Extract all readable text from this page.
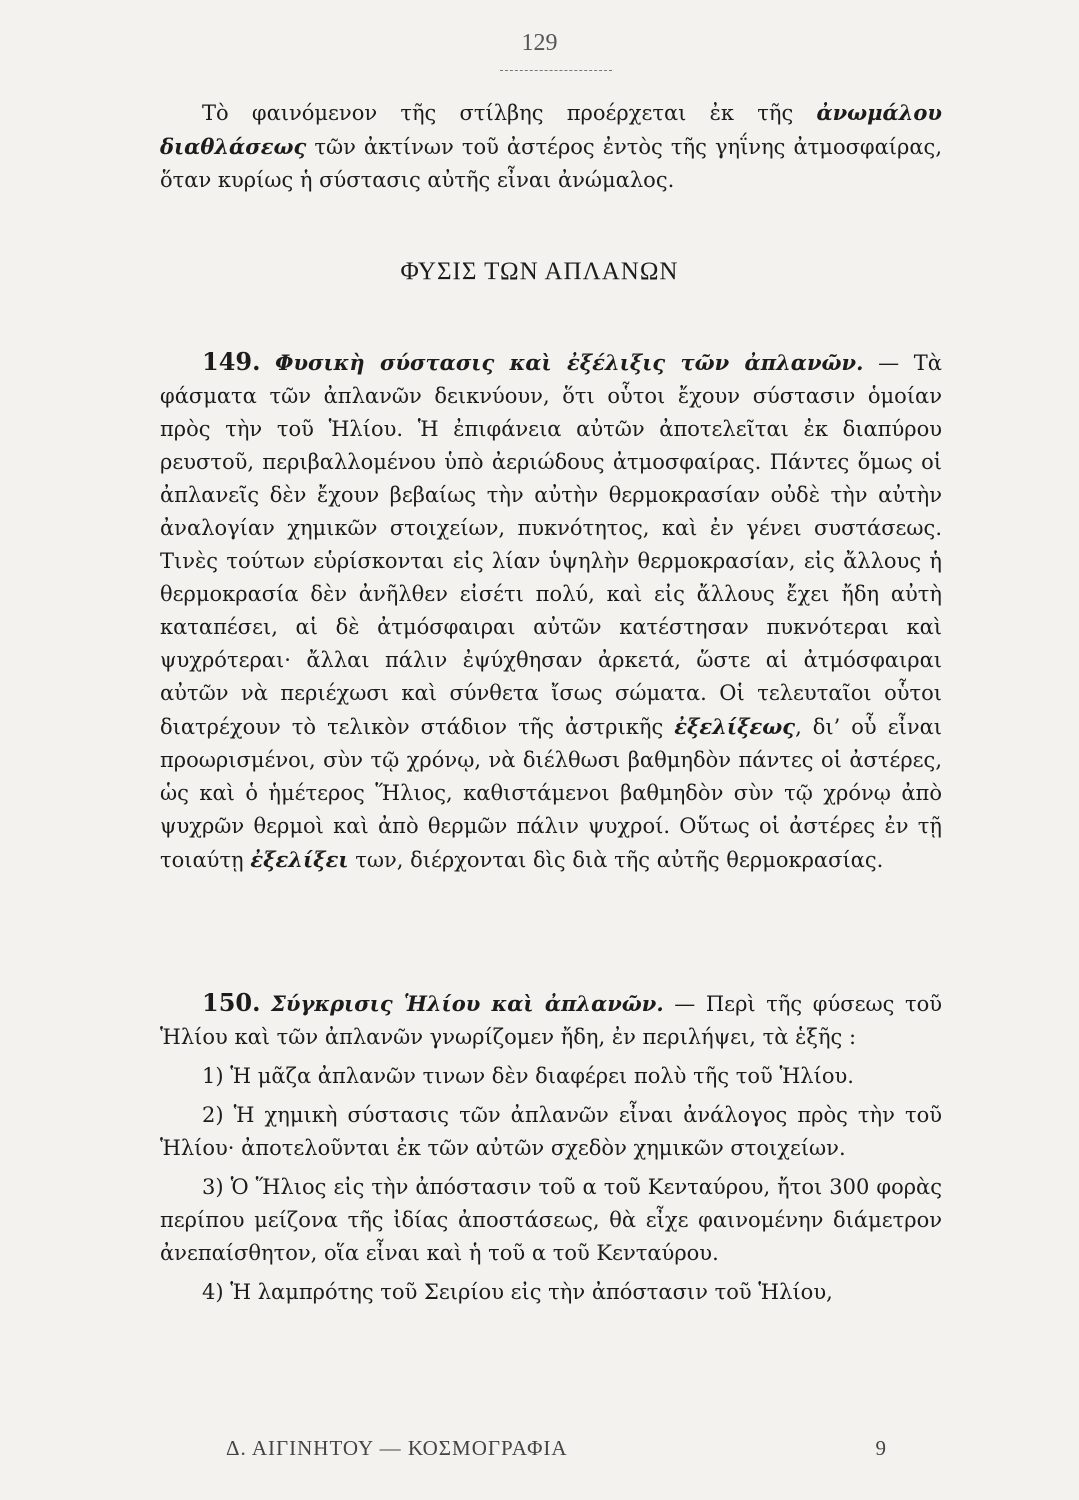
129

Τὸ φαινόμενον τῆς στίλβης προέρχεται ἐκ τῆς ἀνωμάλου διαθλάσεως τῶν ἀκτίνων τοῦ ἀστέρος ἐντὸς τῆς γηΐνης ἀτμοσφαίρας, ὅταν κυρίως ἡ σύστασις αὐτῆς εἶναι ἀνώμαλος.

ΦΥΣΙΣ ΤΩΝ ΑΠΛΑΝΩΝ

149. Φυσικὴ σύστασις καὶ ἐξέλιξις τῶν ἀπλανῶν. — Τὰ φάσματα τῶν ἀπλανῶν δεικνύουν, ὅτι οὗτοι ἔχουν σύστασιν ὁμοίαν πρὸς τὴν τοῦ Ἡλίου. Ἡ ἐπιφάνεια αὐτῶν ἀποτελεῖται ἐκ διαπύρου ρευστοῦ, περιβαλλομένου ὑπὸ ἀεριώδους ἀτμοσφαίρας. Πάντες ὅμως οἱ ἀπλανεῖς δὲν ἔχουν βεβαίως τὴν αὐτὴν θερμοκρασίαν οὐδὲ τὴν αὐτὴν ἀναλογίαν χημικῶν στοιχείων, πυκνότητος, καὶ ἐν γένει συστάσεως. Τινὲς τούτων εὑρίσκονται εἰς λίαν ὑψηλὴν θερμοκρασίαν, εἰς ἄλλους ἡ θερμοκρασία δὲν ἀνῆλθεν εἰσέτι πολύ, καὶ εἰς ἄλλους ἔχει ἤδη αὐτὴ καταπέσει, αἱ δὲ ἀτμόσφαιραι αὐτῶν κατέστησαν πυκνότεραι καὶ ψυχρότεραι· ἄλλαι πάλιν ἐψύχθησαν ἀρκετά, ὥστε αἱ ἀτμόσφαιραι αὐτῶν νὰ περιέχωσι καὶ σύνθετα ἴσως σώματα. Οἱ τελευταῖοι οὗτοι διατρέχουν τὸ τελικὸν στάδιον τῆς ἀστρικῆς ἐξελίξεως, δι’ οὗ εἶναι προωρισμένοι, σὺν τῷ χρόνῳ, νὰ διέλθωσι βαθμηδὸν πάντες οἱ ἀστέρες, ὡς καὶ ὁ ἡμέτερος Ἥλιος, καθιστάμενοι βαθμηδὸν σὺν τῷ χρόνῳ ἀπὸ ψυχρῶν θερμοὶ καὶ ἀπὸ θερμῶν πάλιν ψυχροί. Οὕτως οἱ ἀστέρες ἐν τῇ τοιαύτῃ ἐξελίξει των, διέρχονται δὶς διὰ τῆς αὐτῆς θερμοκρασίας.

150. Σύγκρισις Ἡλίου καὶ ἀπλανῶν. — Περὶ τῆς φύσεως τοῦ Ἡλίου καὶ τῶν ἀπλανῶν γνωρίζομεν ἤδη, ἐν περιλήψει, τὰ ἑξῆς :

1) Ἡ μᾶζα ἀπλανῶν τινων δὲν διαφέρει πολὺ τῆς τοῦ Ἡλίου.

2) Ἡ χημικὴ σύστασις τῶν ἀπλανῶν εἶναι ἀνάλογος πρὸς τὴν τοῦ Ἡλίου· ἀποτελοῦνται ἐκ τῶν αὐτῶν σχεδὸν χημικῶν στοιχείων.

3) Ὁ Ἥλιος εἰς τὴν ἀπόστασιν τοῦ α τοῦ Κενταύρου, ἤτοι 300 φορὰς περίπου μείζονα τῆς ἰδίας ἀποστάσεως, θὰ εἶχε φαινομένην διάμετρον ἀνεπαίσθητον, οἵα εἶναι καὶ ἡ τοῦ α τοῦ Κενταύρου.

4) Ἡ λαμπρότης τοῦ Σειρίου εἰς τὴν ἀπόστασιν τοῦ Ἡλίου,

Δ. ΑΙΓΙΝΗΤΟΥ — ΚΟΣΜΟΓΡΑΦΙΑ	9
